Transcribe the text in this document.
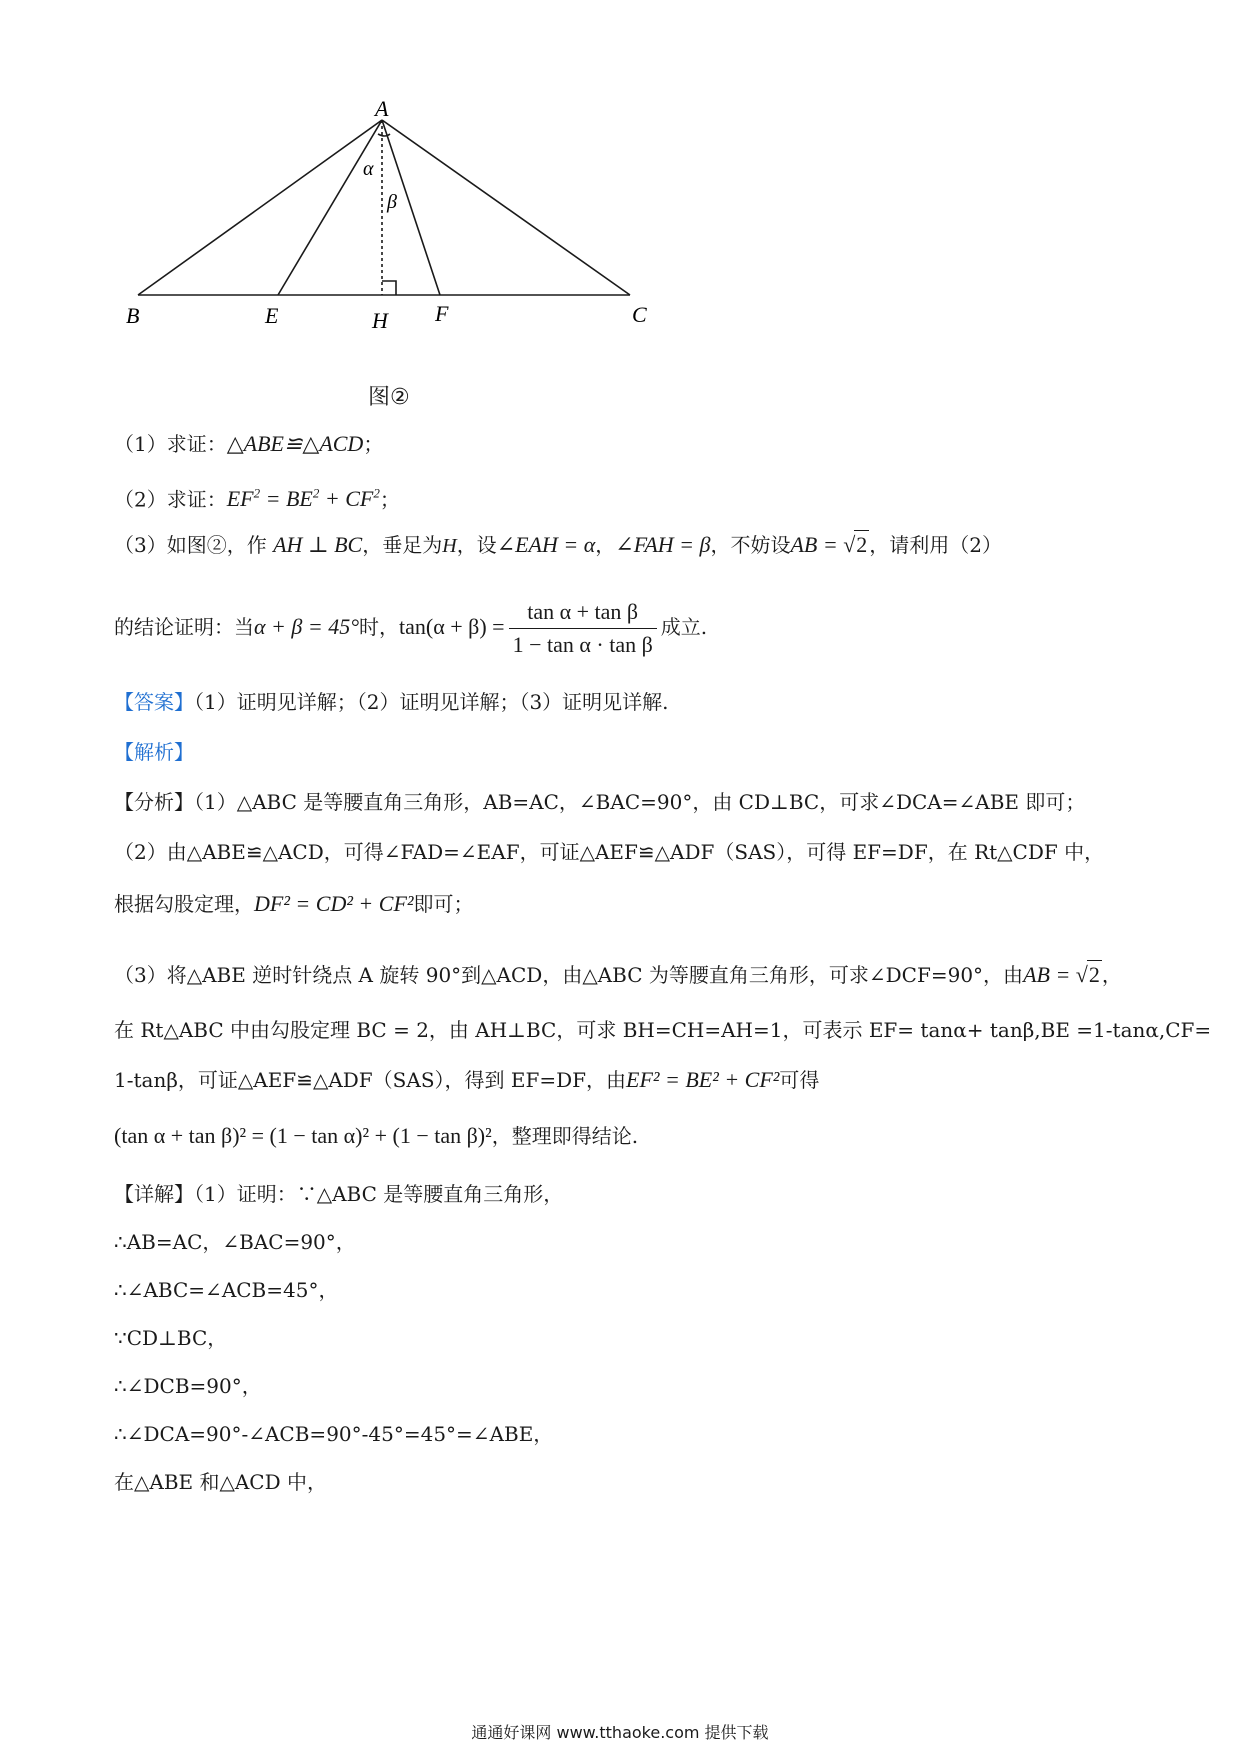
A
B	E	H F	C
α
β
图②
（1）求证：△ABE≌△ACD；
（2）求证：$EF^2 = BE^2 + CF^2$；
（3）如图②，作 AH ⊥ BC，垂足为H，设∠EAH = α，∠FAH = β，不妨设AB = √2 ，请利用（2）
的结论证明：当α + β = 45°时，$\tan(\alpha + \beta) = \frac{\text{tan α + tan β}}{\text{1 − tan α · tan β}}$ 成立.
【答案】（1）证明见详解；（2）证明见详解；（3）证明见详解.
【解析】
【分析】（1）△ABC 是等腰直角三角形，AB=AC，∠BAC=90°，由 CD⊥BC，可求∠DCA=∠ABE 即可；
（2）由△ABE≌△ACD，可得∠FAD=∠EAF，可证△AEF≌△ADF（SAS），可得 EF=DF，在 Rt△CDF 中，
根据勾股定理，DF² = CD² + CF²即可；
（3）将△ABE 逆时针绕点 A 旋转 90°到△ACD，由△ABC 为等腰直角三角形，可求∠DCF=90°，由AB = √2 ，
在 Rt△ABC 中由勾股定理 BC = 2，由 AH⊥BC，可求 BH=CH=AH=1，可表示 EF= tanα+ tanβ,BE =1-tanα,CF=
1-tanβ，可证△AEF≌△ADF（SAS），得到 EF=DF，由EF² = BE² + CF²可得
(tan α + tan β)² = (1 − tan α)² + (1 − tan β)²，整理即得结论.
【详解】（1）证明：∵△ABC 是等腰直角三角形，
∴AB=AC，∠BAC=90°，
∴∠ABC=∠ACB=45°，
∵CD⊥BC，
∴∠DCB=90°，
∴∠DCA=90°-∠ACB=90°-45°=45°=∠ABE，
在△ABE 和△ACD 中，
通通好课网 www.tthaoke.com 提供下载
